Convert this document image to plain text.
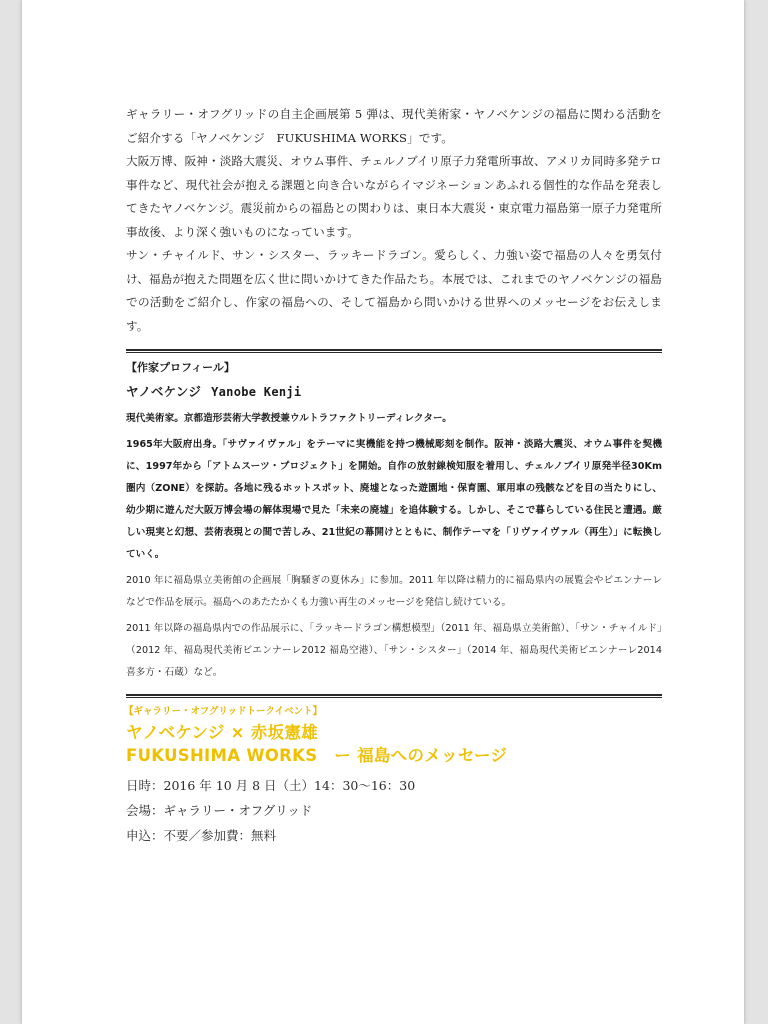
ギャラリー・オフグリッドの自主企画展第 5 弾は、現代美術家・ヤノベケンジの福島に関わる活動をご紹介する「ヤノベケンジ　FUKUSHIMA WORKS」です。

大阪万博、阪神・淡路大震災、オウム事件、チェルノブイリ原子力発電所事故、アメリカ同時多発テロ事件など、現代社会が抱える課題と向き合いながらイマジネーションあふれる個性的な作品を発表してきたヤノベケンジ。震災前からの福島との関わりは、東日本大震災・東京電力福島第一原子力発電所事故後、より深く強いものになっています。

サン・チャイルド、サン・シスター、ラッキードラゴン。愛らしく、力強い姿で福島の人々を勇気付け、福島が抱えた問題を広く世に問いかけてきた作品たち。本展では、これまでのヤノベケンジの福島での活動をご紹介し、作家の福島への、そして福島から問いかける世界へのメッセージをお伝えします。

【作家プロフィール】
ヤノベケンジ Yanobe Kenji

現代美術家。京都造形芸術大学教授兼ウルトラファクトリーディレクター。

1965年大阪府出身。「サヴァイヴァル」をテーマに実機能を持つ機械彫刻を制作。阪神・淡路大震災、オウム事件を契機に、1997年から「アトムスーツ・プロジェクト」を開始。自作の放射線検知服を着用し、チェルノブイリ原発半径30Km圏内（ZONE）を探訪。各地に残るホットスポット、廃墟となった遊園地・保育園、軍用車の残骸などを目の当たりにし、幼少期に遊んだ大阪万博会場の解体現場で見た「未来の廃墟」を追体験する。しかし、そこで暮らしている住民と遭遇。厳しい現実と幻想、芸術表現との間で苦しみ、21世紀の幕開けとともに、制作テーマを「リヴァイヴァル（再生）」に転換していく。

2010 年に福島県立美術館の企画展「胸騒ぎの夏休み」に参加。2011 年以降は精力的に福島県内の展覧会やビエンナーレなどで作品を展示。福島へのあたたかくも力強い再生のメッセージを発信し続けている。

2011 年以降の福島県内での作品展示に、「ラッキードラゴン構想模型」（2011 年、福島県立美術館）、「サン・チャイルド」（2012 年、福島現代美術ビエンナーレ2012 福島空港）、「サン・シスター」（2014 年、福島現代美術ビエンナーレ2014 喜多方・石蔵）など。

【ギャラリー・オフグリッドトークイベント】
ヤノベケンジ × 赤坂憲雄
FUKUSHIMA WORKS　ー 福島へのメッセージ
日時：2016 年 10 月 8 日（土）14：30〜16：30
会場：ギャラリー・オフグリッド
申込：不要／参加費：無料
